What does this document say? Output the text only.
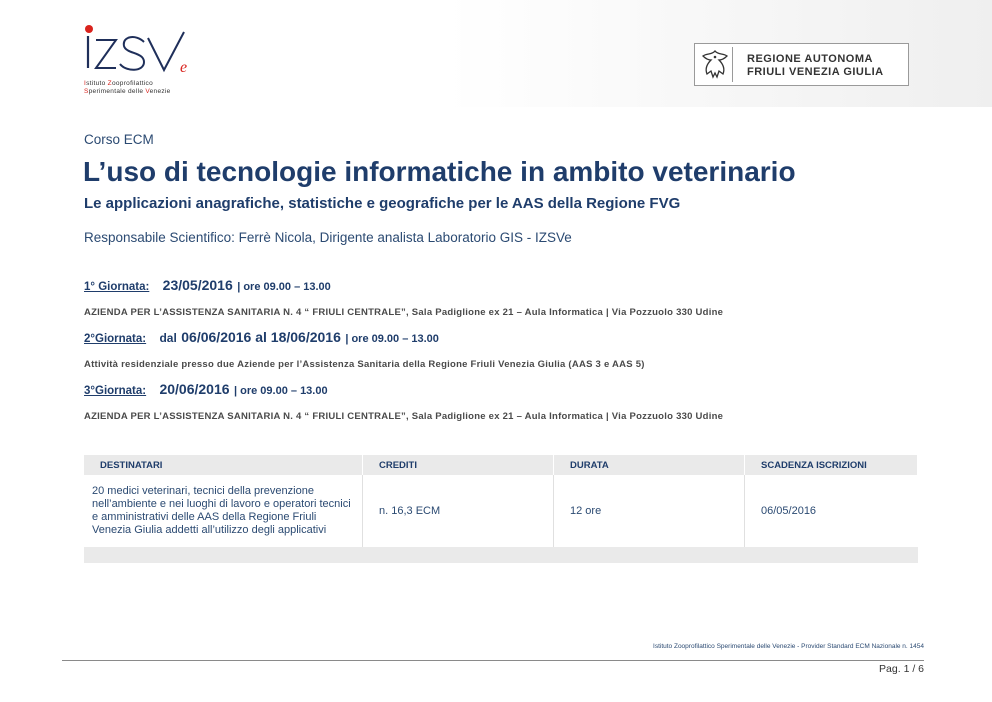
e
Istituto Zooprofilattico
Sperimentale delle Venezie
REGIONE AUTONOMA
FRIULI VENEZIA GIULIA
Corso ECM
L’uso di tecnologie informatiche in ambito veterinario
Le applicazioni anagrafiche, statistiche e geografiche per le AAS della Regione FVG
Responsabile Scientifico: Ferrè Nicola, Dirigente analista Laboratorio GIS - IZSVe
1° Giornata: 23/05/2016 | ore 09.00 – 13.00
AZIENDA PER L’ASSISTENZA SANITARIA N. 4 “ FRIULI CENTRALE”, Sala Padiglione ex 21 – Aula Informatica | Via Pozzuolo 330 Udine
2°Giornata: dal 06/06/2016 al 18/06/2016 | ore 09.00 – 13.00
Attività residenziale presso due Aziende per l’Assistenza Sanitaria della Regione Friuli Venezia Giulia (AAS 3 e AAS 5)
3°Giornata: 20/06/2016 | ore 09.00 – 13.00
AZIENDA PER L’ASSISTENZA SANITARIA N. 4 “ FRIULI CENTRALE”, Sala Padiglione ex 21 – Aula Informatica | Via Pozzuolo 330 Udine
DESTINATARI	CREDITI	DURATA	SCADENZA ISCRIZIONI
20 medici veterinari, tecnici della prevenzione nell’ambiente e nei luoghi di lavoro e operatori tecnici e amministrativi delle AAS della Regione Friuli Venezia Giulia addetti all’utilizzo degli applicativi	n. 16,3 ECM	12 ore	06/05/2016

Istituto Zooprofilattico Sperimentale delle Venezie - Provider Standard ECM Nazionale n. 1454
Pag. 1 / 6
